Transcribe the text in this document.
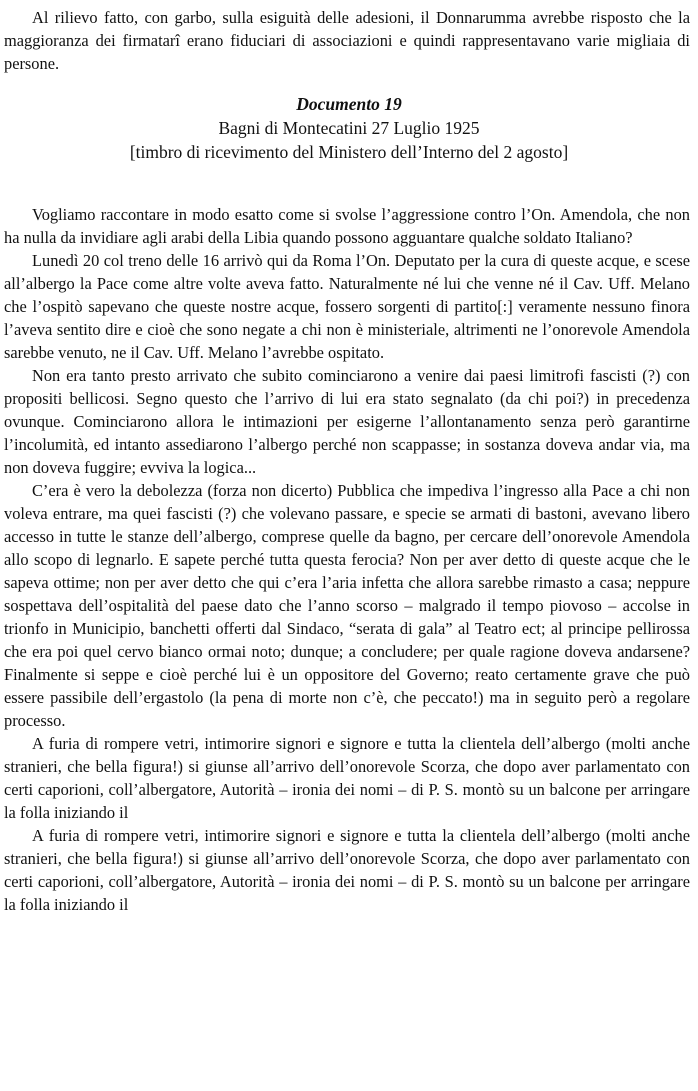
Al rilievo fatto, con garbo, sulla esiguità delle adesioni, il Donnarumma avrebbe risposto che la maggioranza dei firmatarî erano fiduciari di associazioni e quindi rappresentavano varie migliaia di persone.

Documento 19

Bagni di Montecatini 27 Luglio 1925

[timbro di ricevimento del Ministero dell’Interno del 2 agosto]

Vogliamo raccontare in modo esatto come si svolse l’aggressione contro l’On. Amendola, che non ha nulla da invidiare agli arabi della Libia quando possono agguantare qualche soldato Italiano?

Lunedì 20 col treno delle 16 arrivò qui da Roma l’On. Deputato per la cura di queste acque, e scese all’albergo la Pace come altre volte aveva fatto. Naturalmente né lui che venne né il Cav. Uff. Melano che l’ospitò sapevano che queste nostre acque, fossero sorgenti di partito[:] veramente nessuno finora l’aveva sentito dire e cioè che sono negate a chi non è ministeriale, altrimenti ne l’onorevole Amendola sarebbe venuto, ne il Cav. Uff. Melano l’avrebbe ospitato.

Non era tanto presto arrivato che subito cominciarono a venire dai paesi limitrofi fascisti (?) con propositi bellicosi. Segno questo che l’arrivo di lui era stato segnalato (da chi poi?) in precedenza ovunque. Cominciarono allora le intimazioni per esigerne l’allontanamento senza però garantirne l’incolumità, ed intanto assediarono l’albergo perché non scappasse; in sostanza doveva andar via, ma non doveva fuggire; evviva la logica...

C’era è vero la debolezza (forza non dicerto) Pubblica che impediva l’ingresso alla Pace a chi non voleva entrare, ma quei fascisti (?) che volevano passare, e specie se armati di bastoni, avevano libero accesso in tutte le stanze dell’albergo, comprese quelle da bagno, per cercare dell’onorevole Amendola allo scopo di legnarlo. E sapete perché tutta questa ferocia? Non per aver detto di queste acque che le sapeva ottime; non per aver detto che qui c’era l’aria infetta che allora sarebbe rimasto a casa; neppure sospettava dell’ospitalità del paese dato che l’anno scorso – malgrado il tempo piovoso – accolse in trionfo in Municipio, banchetti offerti dal Sindaco, “serata di gala” al Teatro ect; al principe pellirossa che era poi quel cervo bianco ormai noto; dunque; a concludere; per quale ragione doveva andarsene? Finalmente si seppe e cioè perché lui è un oppositore del Governo; reato certamente grave che può essere passibile dell’ergastolo (la pena di morte non c’è, che peccato!) ma in seguito però a regolare processo.

A furia di rompere vetri, intimorire signori e signore e tutta la clientela dell’albergo (molti anche stranieri, che bella figura!) si giunse all’arrivo dell’onorevole Scorza, che dopo aver parlamentato con certi caporioni, coll’albergatore, Autorità – ironia dei nomi – di P. S. montò su un balcone per arringare la folla iniziando il

A furia di rompere vetri, intimorire signori e signore e tutta la clientela dell’albergo (molti anche stranieri, che bella figura!) si giunse all’arrivo dell’onorevole Scorza, che dopo aver parlamentato con certi caporioni, coll’albergatore, Autorità – ironia dei nomi – di P. S. montò su un balcone per arringare la folla iniziando il
